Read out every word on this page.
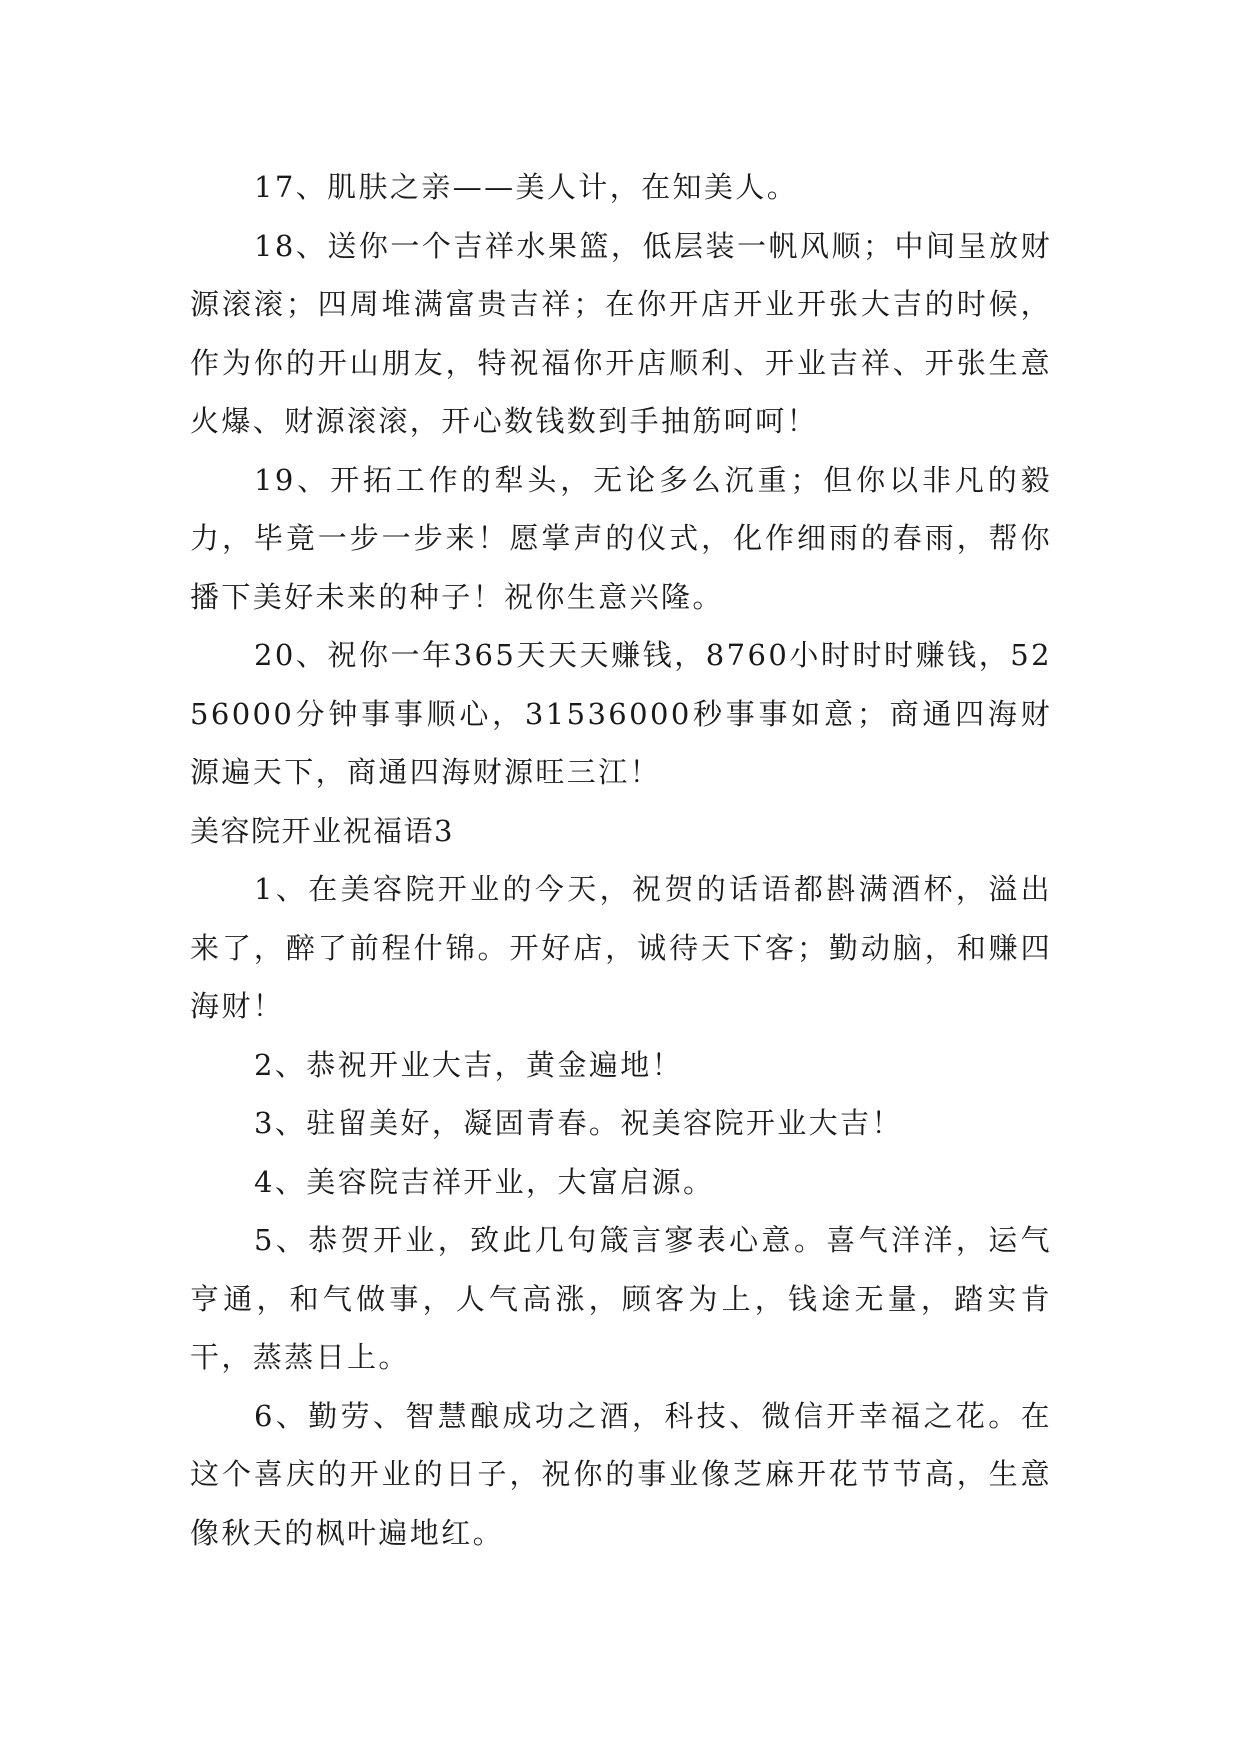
17、肌肤之亲——美人计，在知美人。

18、送你一个吉祥水果篮，低层装一帆风顺；中间呈放财源滚滚；四周堆满富贵吉祥；在你开店开业开张大吉的时候，作为你的开山朋友，特祝福你开店顺利、开业吉祥、开张生意火爆、财源滚滚，开心数钱数到手抽筋呵呵！

19、开拓工作的犁头，无论多么沉重；但你以非凡的毅力，毕竟一步一步来！愿掌声的仪式，化作细雨的春雨，帮你播下美好未来的种子！祝你生意兴隆。

20、祝你一年365天天天赚钱，8760小时时时赚钱，5256000分钟事事顺心，31536000秒事事如意；商通四海财源遍天下，商通四海财源旺三江！

美容院开业祝福语3

1、在美容院开业的今天，祝贺的话语都斟满酒杯，溢出来了，醉了前程什锦。开好店，诚待天下客；勤动脑，和赚四海财！

2、恭祝开业大吉，黄金遍地！

3、驻留美好，凝固青春。祝美容院开业大吉！

4、美容院吉祥开业，大富启源。

5、恭贺开业，致此几句箴言寥表心意。喜气洋洋，运气亨通，和气做事，人气高涨，顾客为上，钱途无量，踏实肯干，蒸蒸日上。

6、勤劳、智慧酿成功之酒，科技、微信开幸福之花。在这个喜庆的开业的日子，祝你的事业像芝麻开花节节高，生意像秋天的枫叶遍地红。
